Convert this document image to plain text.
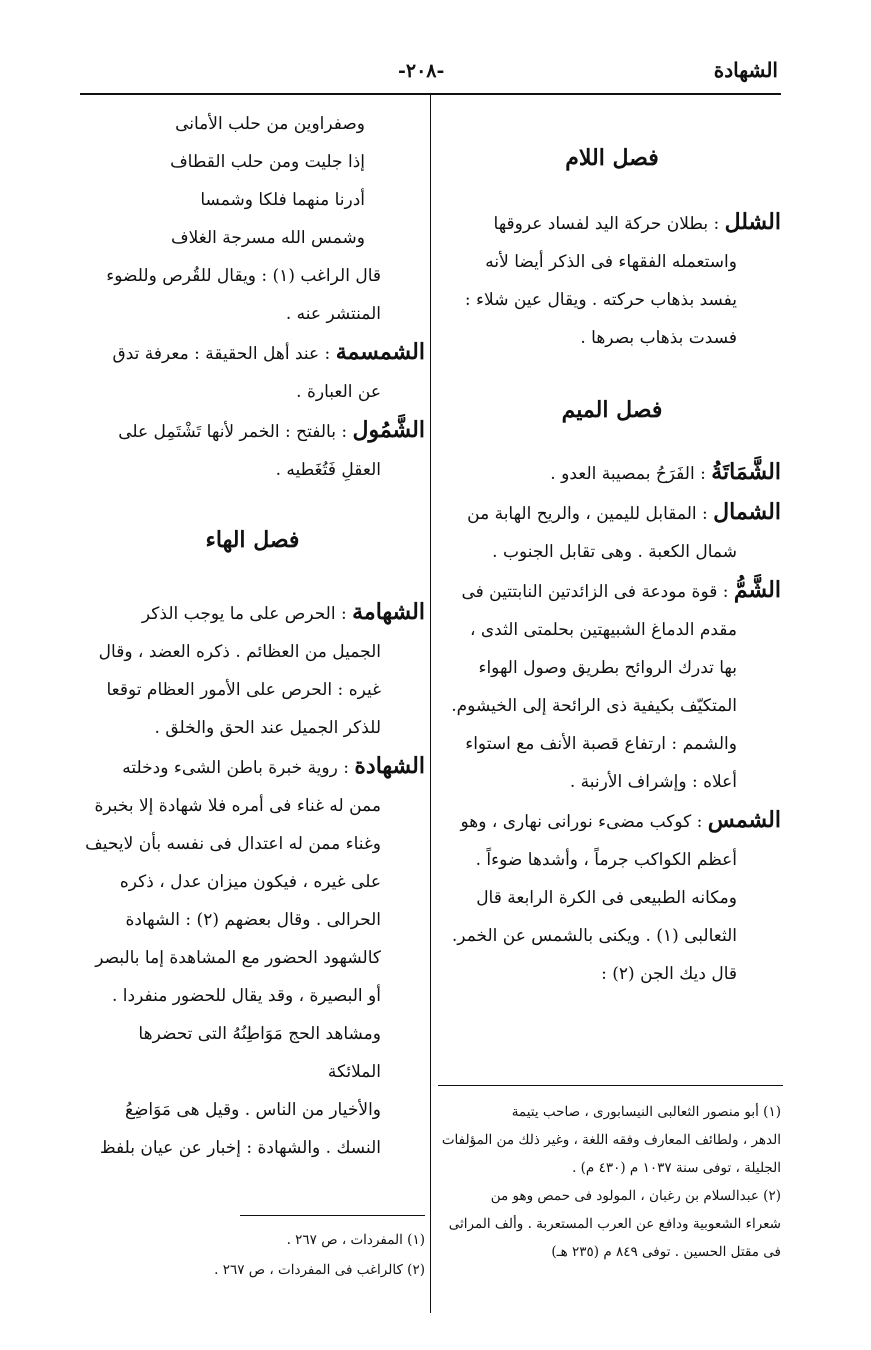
الشهادة
-٢٠٨-

فصل اللام

الشلل : بطلان حركة اليد لفساد عروقها

واستعمله الفقهاء فى الذكر أيضا لأنه

يفسد بذهاب حركته . ويقال عين شلاء :

فسدت بذهاب بصرها .

فصل الميم

الشَّمَاتَةُ : الفَرَحُ بمصيبة العدو .

الشمال : المقابل لليمين ، والريح الهابة من

شمال الكعبة . وهى تقابل الجنوب .

الشَّمُّ : قوة مودعة فى الزائدتين النابتتين فى

مقدم الدماغ الشبيهتين بحلمتى الثدى ،

بها تدرك الروائح بطريق وصول الهواء

المتكيّف بكيفية ذى الرائحة إلى الخيشوم.

والشمم : ارتفاع قصبة الأنف مع استواء

أعلاه : وإشراف الأرنبة .

الشمس : كوكب مضىء نورانى نهارى ، وهو

أعظم الكواكب جرماً ، وأشدها ضوءاً .

ومكانه الطبيعى فى الكرة الرابعة قال

الثعالبى (١) . ويكنى بالشمس عن الخمر.

قال ديك الجن (٢) :

(١) أبو منصور الثعالبى النيسابورى ، صاحب يتيمة

الدهر ، ولطائف المعارف وفقه اللغة ، وغير ذلك من المؤلفات

الجليلة ، توفى سنة ١٠٣٧ م (٤٣٠ م) .

(٢) عبدالسلام بن رغبان ، المولود فى حمص وهو من

شعراء الشعوبية ودافع عن العرب المستعربة . وألف المراثى

فى مقتل الحسين . توفى ٨٤٩ م (٢٣٥ هـ)

وصفراوين من حلب الأمانى

إذا جليت ومن حلب القطاف

أدرنا منهما فلكا وشمسا

وشمس الله مسرجة الغلاف

قال الراغب (١) : ويقال للقُرص وللضوء

المنتشر عنه .

الشمسمة : عند أهل الحقيقة : معرفة تدق

عن العبارة .

الشَّمُول : بالفتح : الخمر لأنها تَشْتَمِل على

العقلِ فَتُغَطيه .

فصل الهاء

الشهامة : الحرص على ما يوجب الذكر

الجميل من العظائم . ذكره العضد ، وقال

غيره : الحرص على الأمور العظام توقعا

للذكر الجميل عند الحق والخلق .

الشهادة : روية خبرة باطن الشىء ودخلته

ممن له غناء فى أمره فلا شهادة إلا بخبرة

وغناء ممن له اعتدال فى نفسه بأن لايحيف

على غيره ، فيكون ميزان عدل ، ذكره

الحرالى . وقال بعضهم (٢) : الشهادة

كالشهود الحضور مع المشاهدة إما بالبصر

أو البصيرة ، وقد يقال للحضور منفردا .

ومشاهد الحج مَوَاطِنُهُ التى تحضرها الملائكة

والأخيار من الناس . وقيل هى مَوَاضِعُ

النسك . والشهادة : إخبار عن عيان بلفظ

(١) المفردات ، ص ٢٦٧ .

(٢) كالراغب فى المفردات ، ص ٢٦٧ .
